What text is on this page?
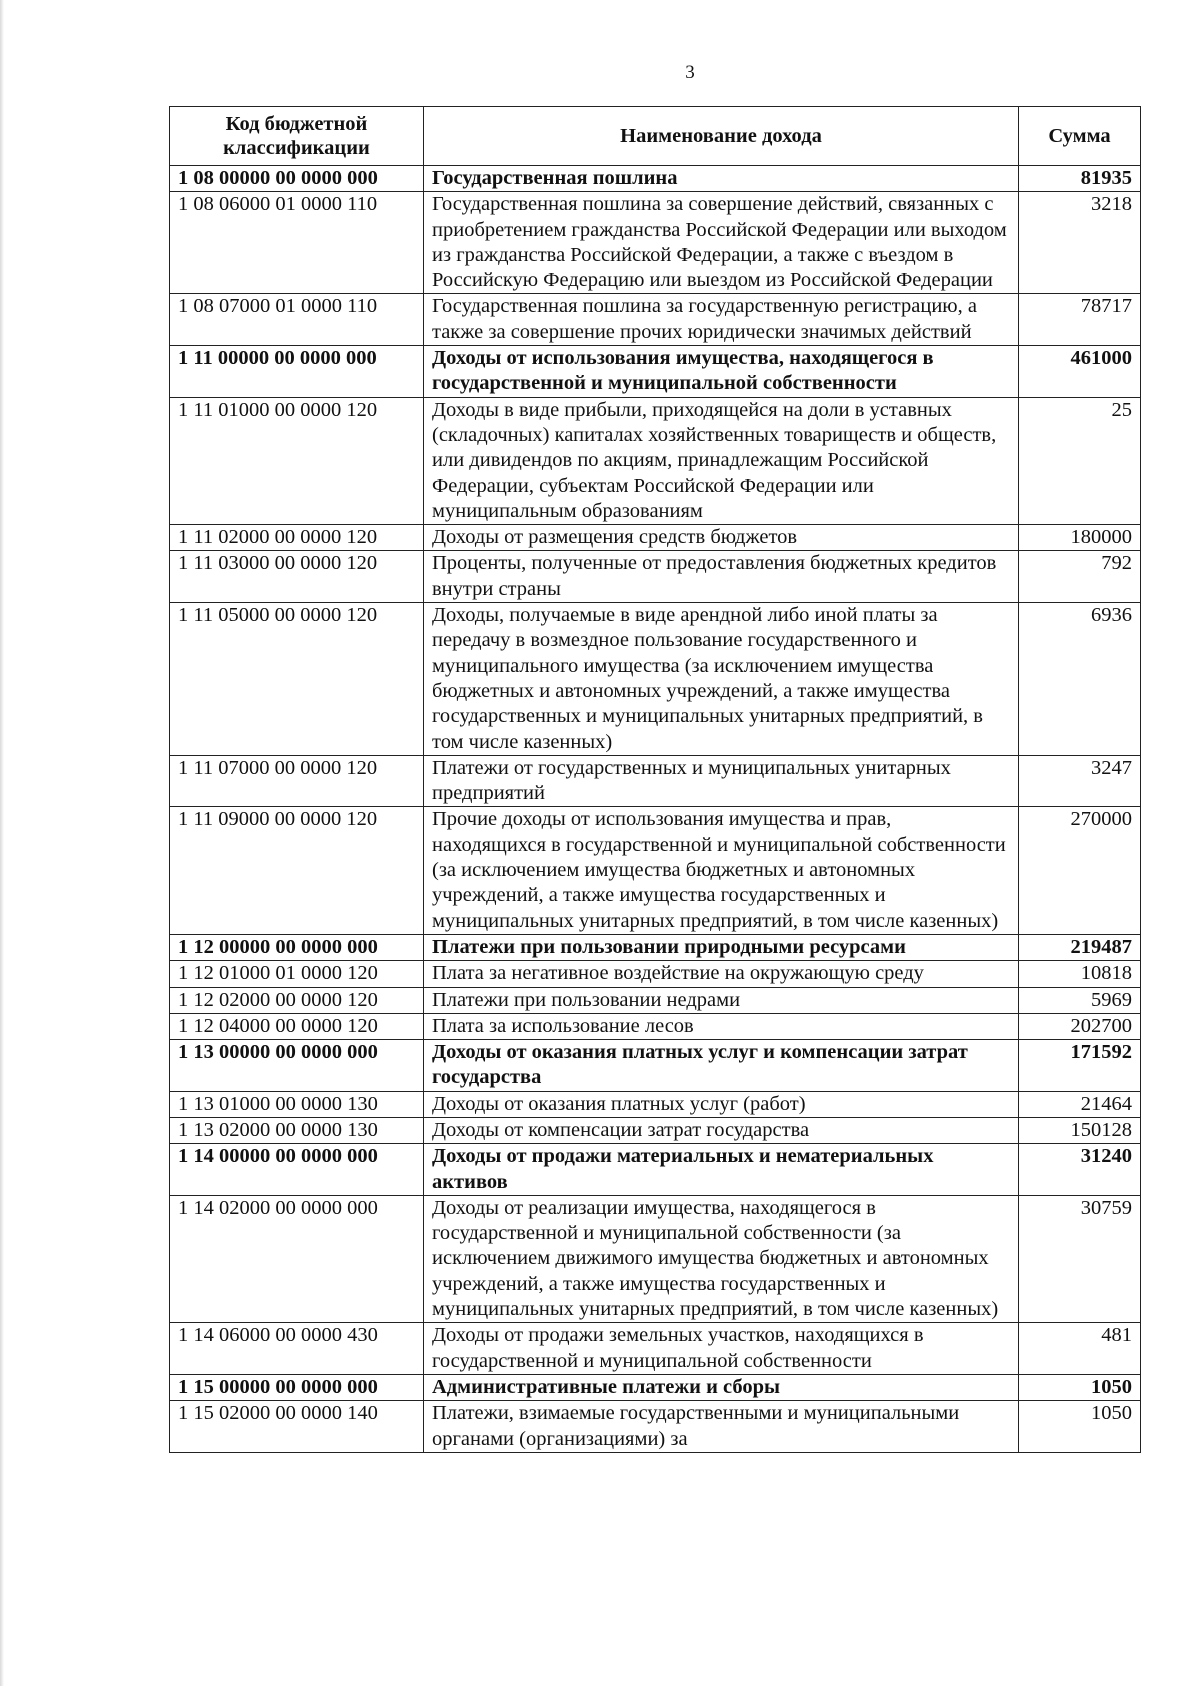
3
Код бюджетной классификации	Наименование дохода	Сумма
1 08 00000 00 0000 000	Государственная пошлина	81935
1 08 06000 01 0000 110	Государственная пошлина за совершение действий, связанных с приобретением гражданства Российской Федерации или выходом из гражданства Российской Федерации, а также с въездом в Российскую Федерацию или выездом из Российской Федерации	3218
1 08 07000 01 0000 110	Государственная пошлина за государственную регистрацию, а также за совершение прочих юридически значимых действий	78717
1 11 00000 00 0000 000	Доходы от использования имущества, находящегося в государственной и муниципальной собственности	461000
1 11 01000 00 0000 120	Доходы в виде прибыли, приходящейся на доли в уставных (складочных) капиталах хозяйственных товариществ и обществ, или дивидендов по акциям, принадлежащим Российской Федерации, субъектам Российской Федерации или муниципальным образованиям	25
1 11 02000 00 0000 120	Доходы от размещения средств бюджетов	180000
1 11 03000 00 0000 120	Проценты, полученные от предоставления бюджетных кредитов внутри страны	792
1 11 05000 00 0000 120	Доходы, получаемые в виде арендной либо иной платы за передачу в возмездное пользование государственного и муниципального имущества (за исключением имущества бюджетных и автономных учреждений, а также имущества государственных и муниципальных унитарных предприятий, в том числе казенных)	6936
1 11 07000 00 0000 120	Платежи от государственных и муниципальных унитарных предприятий	3247
1 11 09000 00 0000 120	Прочие доходы от использования имущества и прав, находящихся в государственной и муниципальной собственности (за исключением имущества бюджетных и автономных учреждений, а также имущества государственных и муниципальных унитарных предприятий, в том числе казенных)	270000
1 12 00000 00 0000 000	Платежи при пользовании природными ресурсами	219487
1 12 01000 01 0000 120	Плата за негативное воздействие на окружающую среду	10818
1 12 02000 00 0000 120	Платежи при пользовании недрами	5969
1 12 04000 00 0000 120	Плата за использование лесов	202700
1 13 00000 00 0000 000	Доходы от оказания платных услуг и компенсации затрат государства	171592
1 13 01000 00 0000 130	Доходы от оказания платных услуг (работ)	21464
1 13 02000 00 0000 130	Доходы от компенсации затрат государства	150128
1 14 00000 00 0000 000	Доходы от продажи материальных и нематериальных активов	31240
1 14 02000 00 0000 000	Доходы от реализации имущества, находящегося в государственной и муниципальной собственности (за исключением движимого имущества бюджетных и автономных учреждений, а также имущества государственных и муниципальных унитарных предприятий, в том числе казенных)	30759
1 14 06000 00 0000 430	Доходы от продажи земельных участков, находящихся в государственной и муниципальной собственности	481
1 15 00000 00 0000 000	Административные платежи и сборы	1050
1 15 02000 00 0000 140	Платежи, взимаемые государственными и муниципальными органами (организациями) за	1050
